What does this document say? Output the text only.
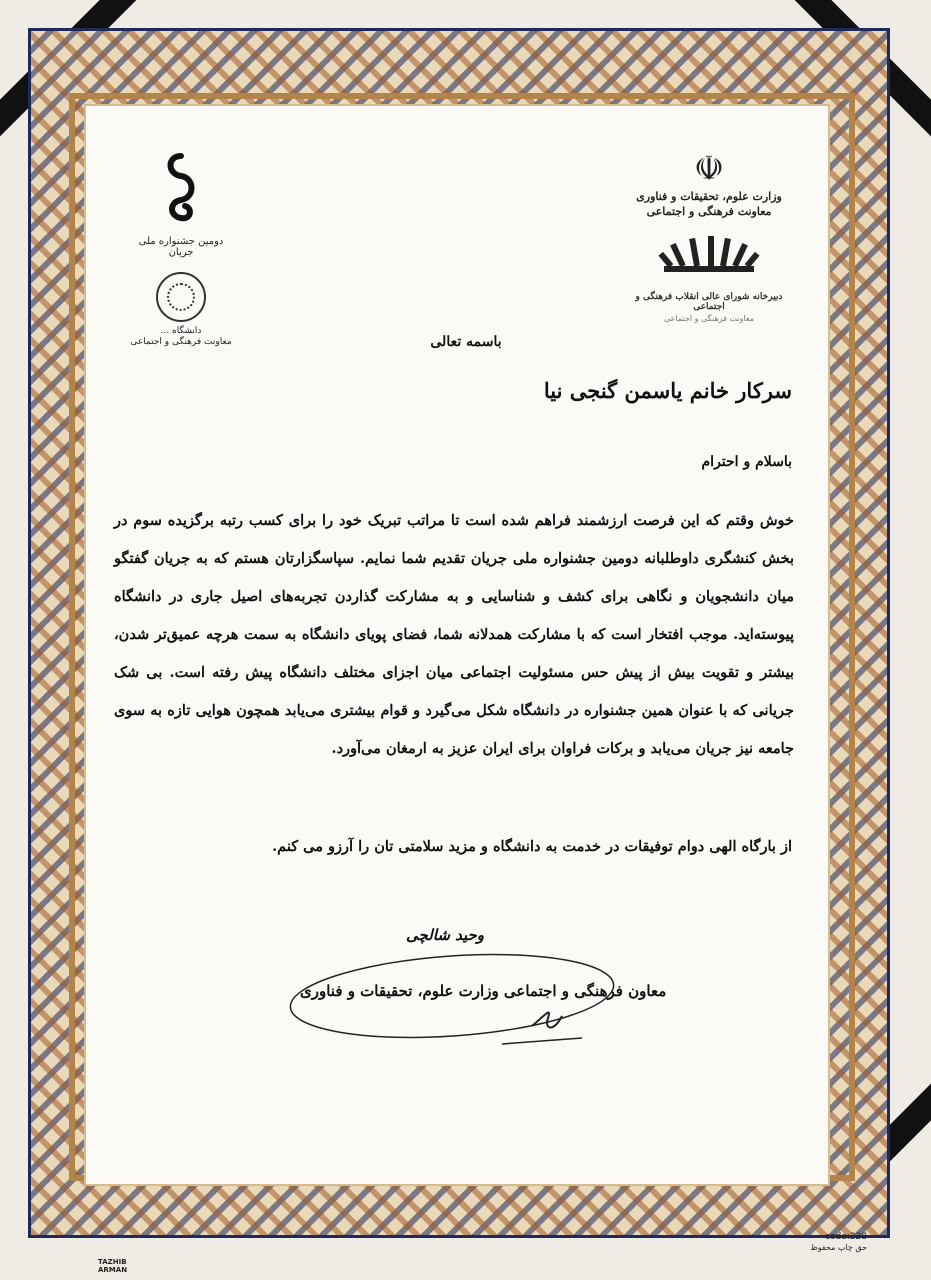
☫
وزارت علوم، تحقیقات و فناوری
معاونت فرهنگی و اجتماعی
دبیرخانه شورای عالی انقلاب فرهنگی و اجتماعی
معاونت فرهنگی و اجتماعی
دومین جشنواره ملی جریان
دانشگاه ...
معاونت فرهنگی و اجتماعی	باسمه تعالی
سرکار خانم یاسمن گنجی نیا
باسلام و احترام
خوش وقتم که این فرصت ارزشمند فراهم شده است تا مراتب تبریک خود را برای کسب رتبه برگزیده سوم در بخش کنشگری داوطلبانه دومین جشنواره ملی جریان تقدیم شما نمایم. سپاسگزارتان هستم که به جریان گفتگو میان دانشجویان و نگاهی برای کشف و شناسایی و به مشارکت گذاردن تجربه‌های اصیل جاری در دانشگاه پیوسته‌اید. موجب افتخار است که با مشارکت همدلانه شما، فضای پویای دانشگاه به سمت هرچه عمیق‌تر شدن، بیشتر و تقویت بیش از پیش حس مسئولیت اجتماعی میان اجزای مختلف دانشگاه پیش رفته است. بی شک جریانی که با عنوان همین جشنواره در دانشگاه شکل می‌گیرد و قوام بیشتری می‌یابد همچون هوایی تازه به سوی جامعه نیز جریان می‌یابد و برکات فراوان برای ایران عزیز به ارمغان می‌آورد.
از بارگاه الهی دوام توفیقات در خدمت به دانشگاه و مزید سلامتی تان را آرزو می کنم.
وحید شالچی
معاون فرهنگی و اجتماعی وزارت علوم، تحقیقات و فناوری
code:228
حق چاپ محفوظ
TAZHIB
ARMAN
